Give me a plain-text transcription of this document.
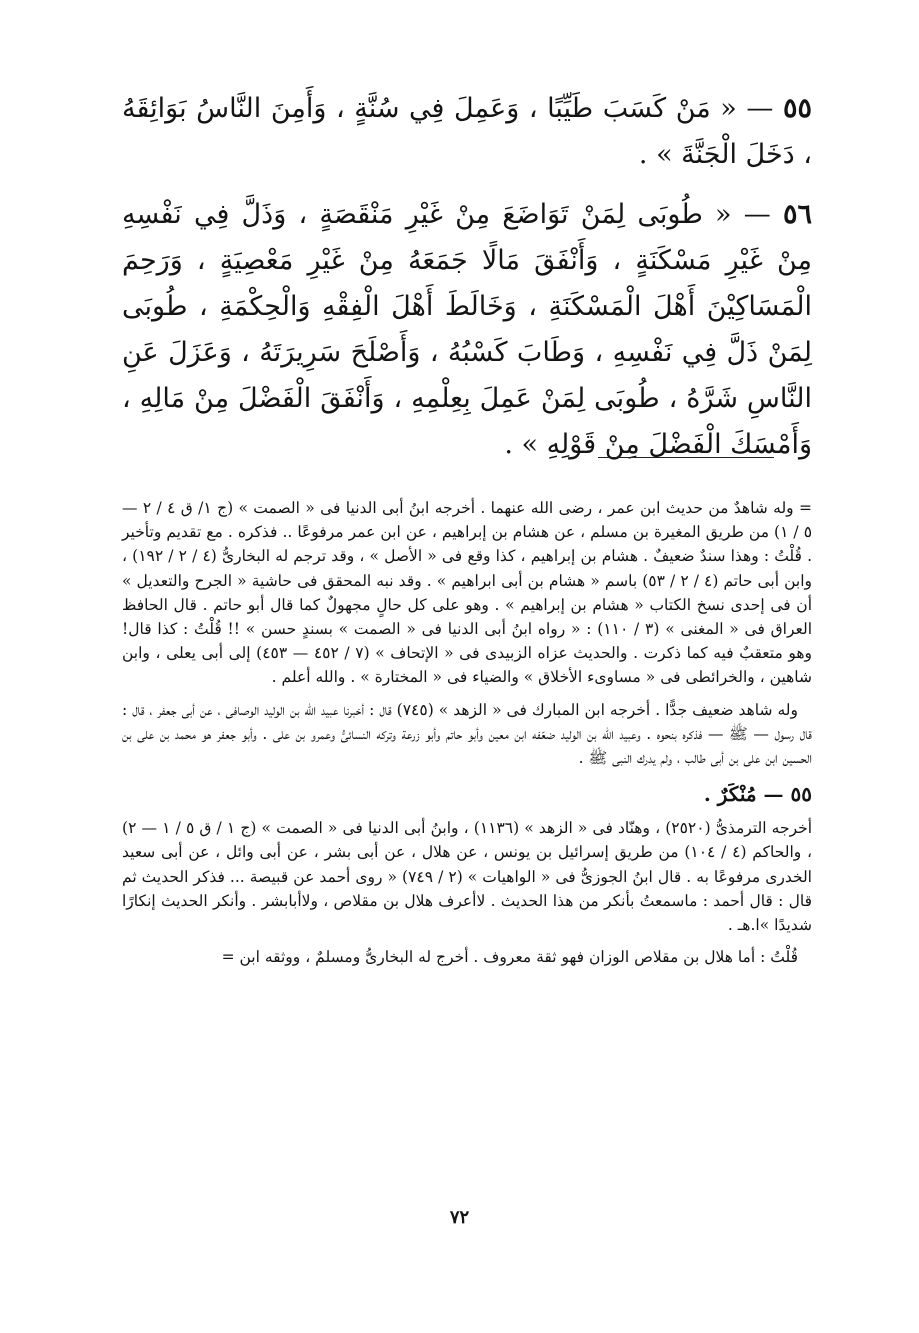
٥٥ — « مَنْ كَسَبَ طَيِّبًا ، وَعَمِلَ فِي سُنَّةٍ ، وَأَمِنَ النَّاسُ بَوَائِقَهُ ، دَخَلَ الْجَنَّةَ » .

٥٦ — « طُوبَى لِمَنْ تَوَاضَعَ مِنْ غَيْرِ مَنْقَصَةٍ ، وَذَلَّ فِي نَفْسِهِ مِنْ غَيْرِ مَسْكَنَةٍ ، وَأَنْفَقَ مَالًا جَمَعَهُ مِنْ غَيْرِ مَعْصِيَةٍ ، وَرَحِمَ الْمَسَاكِيْنَ أَهْلَ الْمَسْكَنَةِ ، وَخَالَطَ أَهْلَ الْفِقْهِ وَالْحِكْمَةِ ، طُوبَى لِمَنْ ذَلَّ فِي نَفْسِهِ ، وَطَابَ كَسْبُهُ ، وَأَصْلَحَ سَرِيرَتَهُ ، وَعَزَلَ عَنِ النَّاسِ شَرَّهُ ، طُوبَى لِمَنْ عَمِلَ بِعِلْمِهِ ، وَأَنْفَقَ الْفَضْلَ مِنْ مَالِهِ ، وَأَمْسَكَ الْفَضْلَ مِنْ قَوْلِهِ » .

= وله شاهدٌ من حديث ابن عمر ، رضى الله عنهما . أخرجه ابنُ أبى الدنيا فى « الصمت » (ج ١/ ق ٤ / ٢ — ٥ / ١) من طريق المغيرة بن مسلم ، عن هشام بن إبراهيم ، عن ابن عمر مرفوعًا .. فذكره . مع تقديم وتأخير . قُلْتُ : وهذا سندٌ ضعيفٌ . هشام بن إبراهيم ، كذا وقع فى « الأصل » ، وقد ترجم له البخارىُّ (٤ / ٢ / ١٩٢) ، وابن أبى حاتم (٤ / ٢ / ٥٣) باسم « هشام بن أبى ابراهيم » . وقد نبه المحقق فى حاشية « الجرح والتعديل » أن فى إحدى نسخ الكتاب « هشام بن إبراهيم » . وهو على كل حالٍ مجهولٌ كما قال أبو حاتم . قال الحافظ العراق فى « المغنى » (٣ / ١١٠) : « رواه ابنُ أبى الدنيا فى « الصمت » بسندٍ حسن » !! قُلْتُ : كذا قال! وهو متعقبٌ فيه كما ذكرت . والحديث عزاه الزبيدى فى « الإتحاف » (٧ / ٤٥٢ — ٤٥٣) إلى أبى يعلى ، وابن شاهين ، والخرائطى فى « مساوىء الأخلاق » والضياء فى « المختارة » . والله أعلم .

وله شاهد ضعيف جدًّا . أخرجه ابن المبارك فى « الزهد » (٧٤٥) قال : أخبرنا عبيد الله بن الوليد الوصافى ، عن أبى جعفر ، قال : قال رسول — ﷺ — فذكره بنحوه . وعبيد الله بن الوليد ضعّفه ابن معين وأبو حاتم وأبو زرعة وتركه النسائىُّ وعمرو بن على . وأبو جعفر هو محمد بن على بن الحسين ابن على بن أبى طالب ، ولم يدرك النبى ﷺ .

٥٥ — مُنْكَرٌ .

أخرجه الترمذىُّ (٢٥٢٠) ، وهنّاد فى « الزهد » (١١٣٦) ، وابنُ أبى الدنيا فى « الصمت » (ج ١ / ق ٥ / ١ — ٢) ، والحاكم (٤ / ١٠٤) من طريق إسرائيل بن يونس ، عن هلال ، عن أبى بشر ، عن أبى وائل ، عن أبى سعيد الخدرى مرفوعًا به . قال ابنُ الجوزىُّ فى « الواهيات » (٢ / ٧٤٩) « روى أحمد عن قبيصة ... فذكر الحديث ثم قال : قال أحمد : ماسمعتُ بأنكر من هذا الحديث . لاأعرف هلال بن مقلاص ، ولاأبابشر . وأنكر الحديث إنكارًا شديدًا »ا.هـ .

قُلْتُ : أما هلال بن مقلاص الوزان فهو ثقة معروف . أخرج له البخارىُّ ومسلمٌ ، ووثقه ابن =

٧٢
